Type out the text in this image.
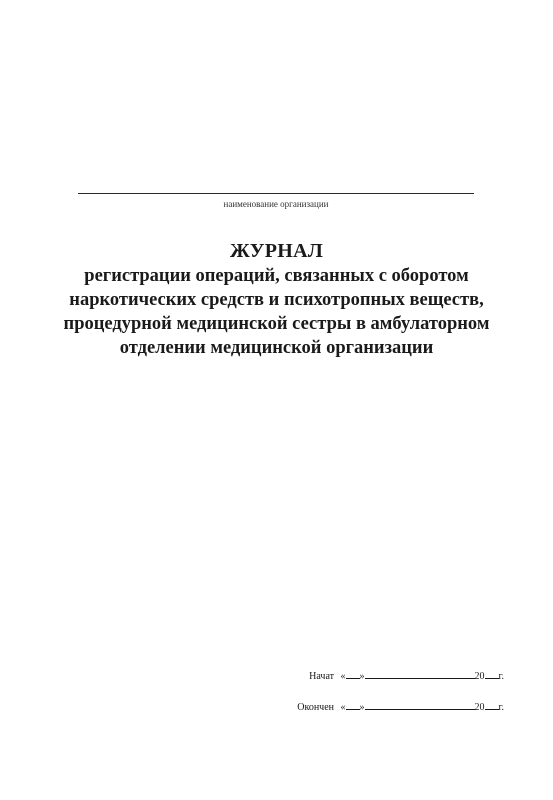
наименование организации
ЖУРНАЛ
регистрации операций, связанных с оборотом
наркотических средств и психотропных веществ,
процедурной медицинской сестры в амбулаторном
отделении медицинской организации
Начат « »	20 г.
Окончен « »	20 г.
